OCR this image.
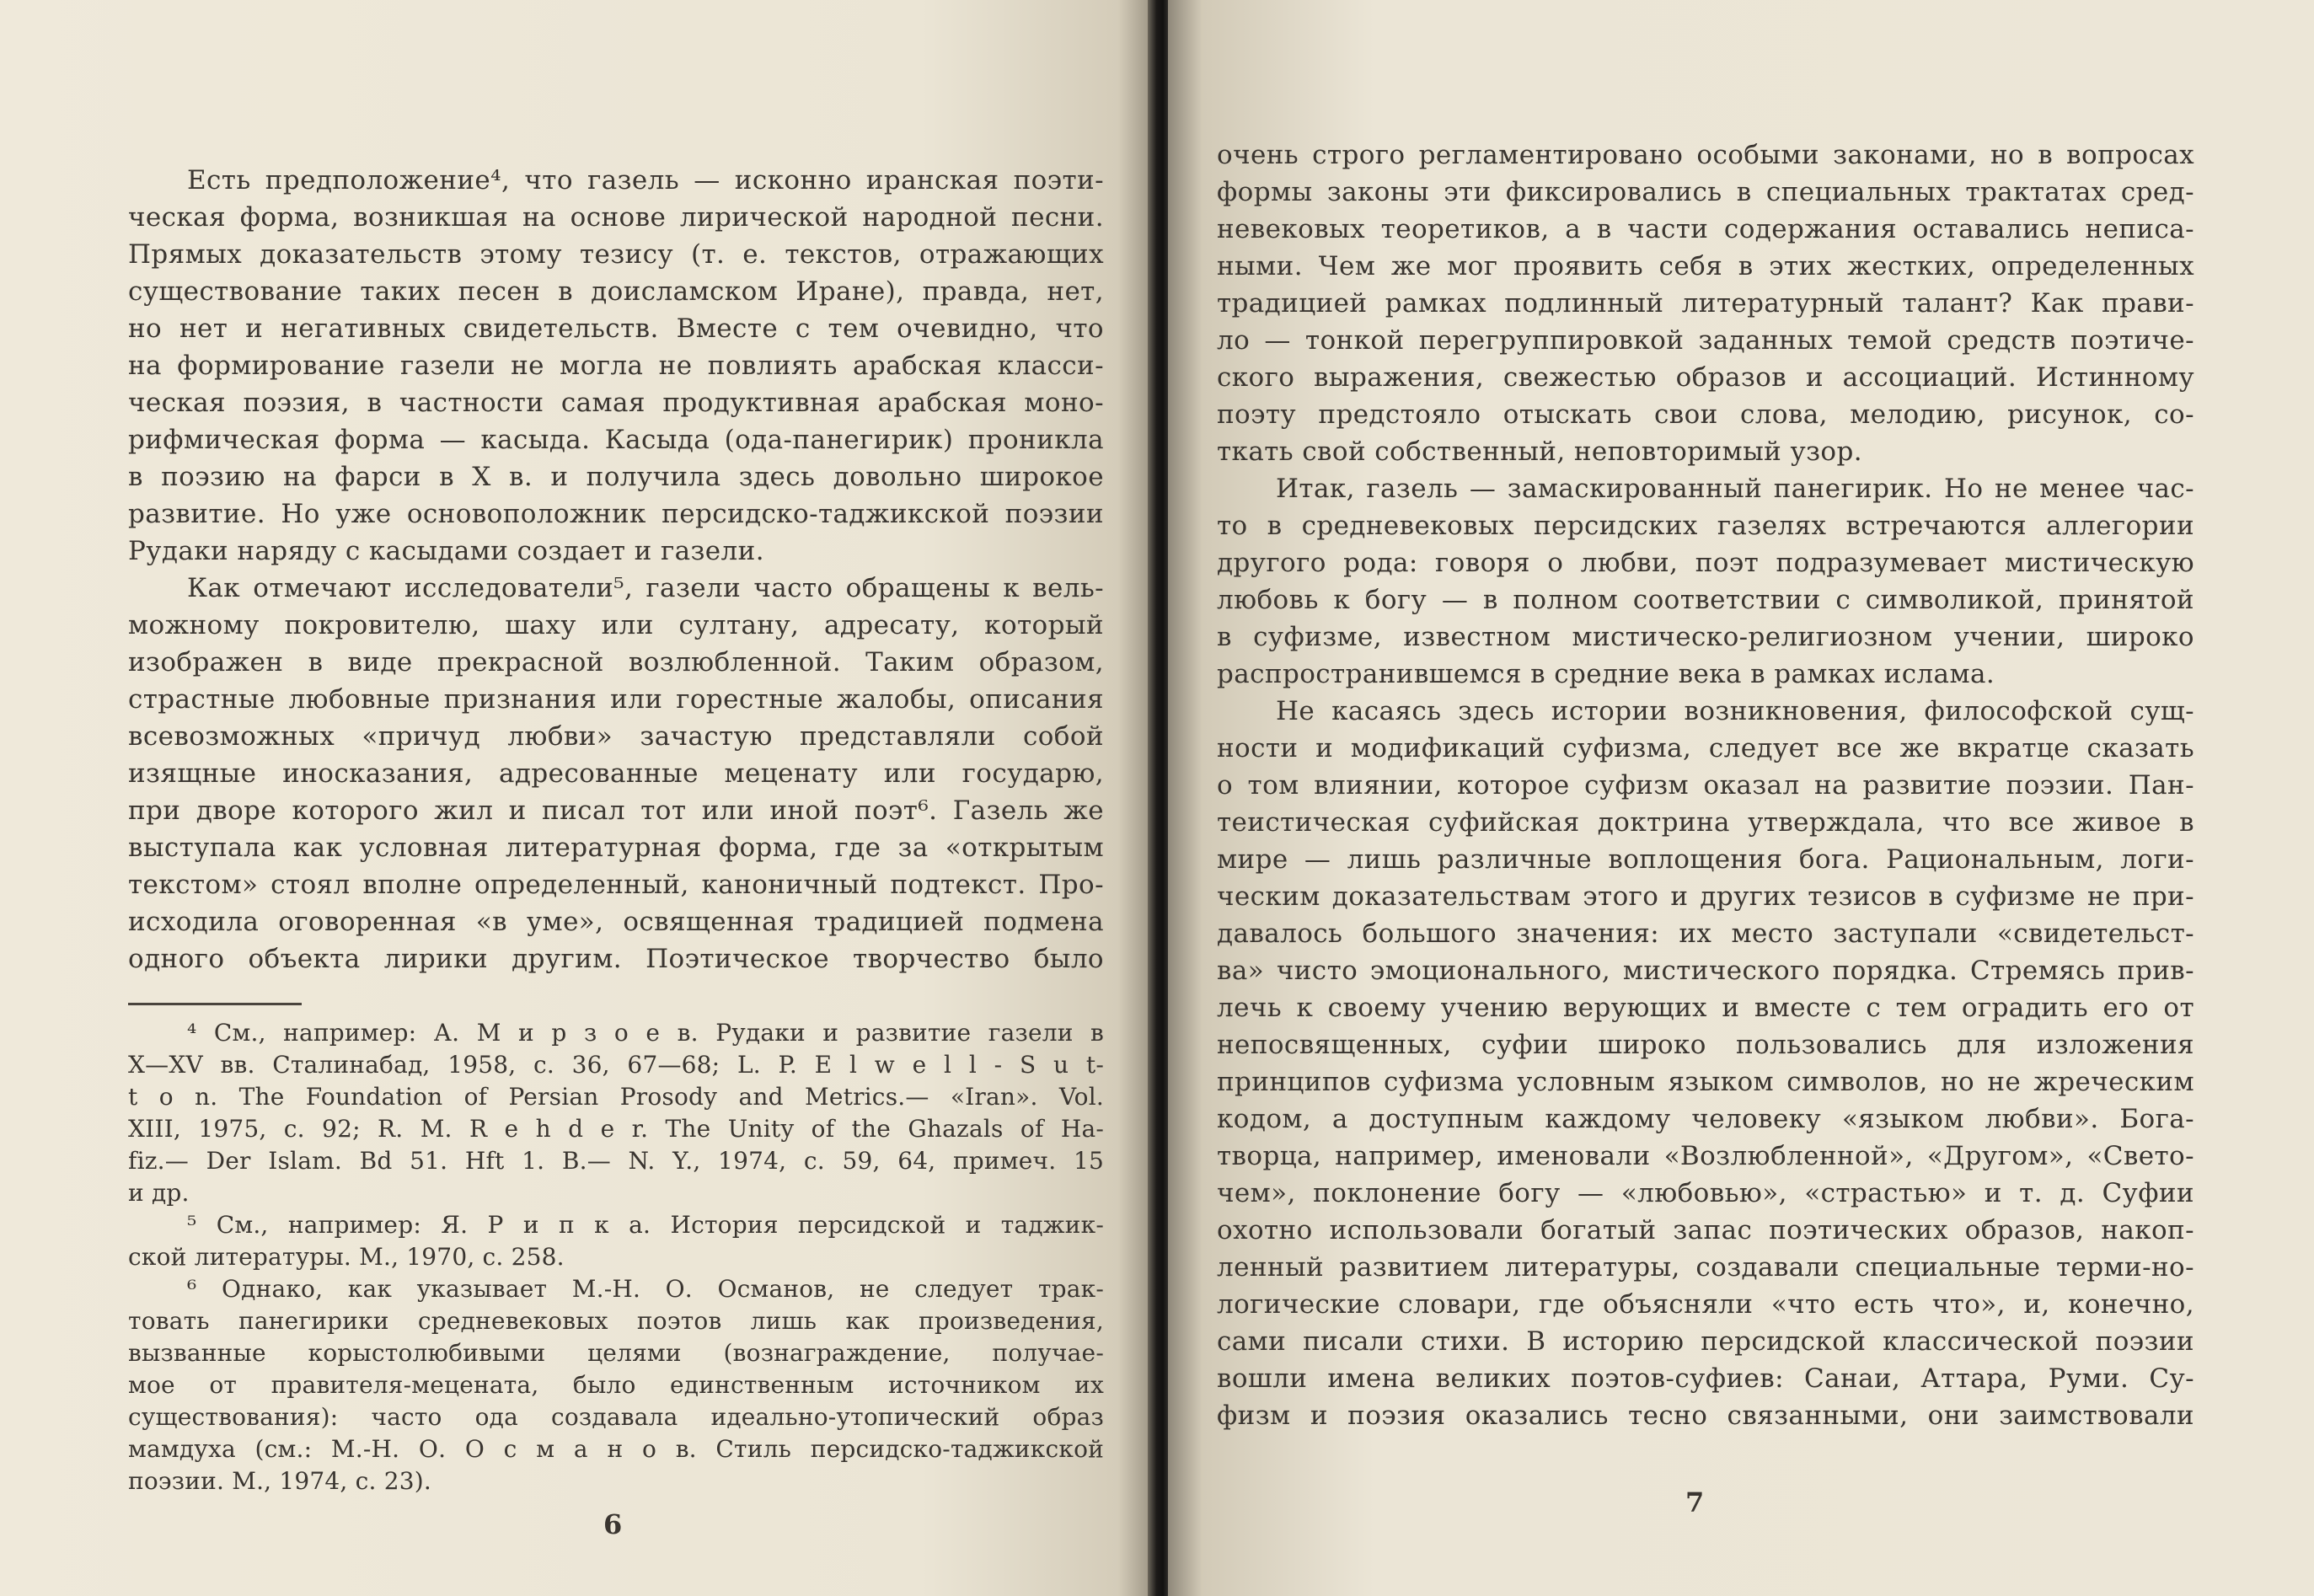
Есть предположение⁴, что газель — исконно иранская поэти-
ческая форма, возникшая на основе лирической народной песни.
Прямых доказательств этому тезису (т. е. текстов, отражающих
существование таких песен в доисламском Иране), правда, нет,
но нет и негативных свидетельств. Вместе с тем очевидно, что
на формирование газели не могла не повлиять арабская класси-
ческая поэзия, в частности самая продуктивная арабская моно-
рифмическая форма — касыда. Касыда (ода-панегирик) проникла
в поэзию на фарси в X в. и получила здесь довольно широкое
развитие. Но уже основоположник персидско-таджикской поэзии
Рудаки наряду с касыдами создает и газели.
Как отмечают исследователи⁵, газели часто обращены к вель-
можному покровителю, шаху или султану, адресату, который
изображен в виде прекрасной возлюбленной. Таким образом,
страстные любовные признания или горестные жалобы, описания
всевозможных «причуд любви» зачастую представляли собой
изящные иносказания, адресованные меценату или государю,
при дворе которого жил и писал тот или иной поэт⁶. Газель же
выступала как условная литературная форма, где за «открытым
текстом» стоял вполне определенный, каноничный подтекст. Про-
исходила оговоренная «в уме», освященная традицией подмена
одного объекта лирики другим. Поэтическое творчество было
⁴ См., например: А. М и р з о е в. Рудаки и развитие газели в
X—XV вв. Сталинабад, 1958, с. 36, 67—68; L. P. E l w e l l - S u t-
t o n. The Foundation of Persian Prosody and Metrics.— «Iran». Vol.
XIII, 1975, c. 92; R. M. R e h d e r. The Unity of the Ghazals of Ha-
fiz.— Der Islam. Bd 51. Hft 1. B.— N. Y., 1974, c. 59, 64, примеч. 15
и др.
⁵ См., например: Я. Р и п к а. История персидской и таджик-
ской литературы. М., 1970, с. 258.
⁶ Однако, как указывает М.-Н. О. Османов, не следует трак-
товать панегирики средневековых поэтов лишь как произведения,
вызванные корыстолюбивыми целями (вознаграждение, получае-
мое от правителя-мецената, было единственным источником их
существования): часто ода создавала идеально-утопический образ
мамдуха (см.: М.-Н. О. О с м а н о в. Стиль персидско-таджикской
поэзии. М., 1974, с. 23).
6
очень строго регламентировано особыми законами, но в вопросах
формы законы эти фиксировались в специальных трактатах сред-
невековых теоретиков, а в части содержания оставались неписа-
ными. Чем же мог проявить себя в этих жестких, определенных
традицией рамках подлинный литературный талант? Как прави-
ло — тонкой перегруппировкой заданных темой средств поэтиче-
ского выражения, свежестью образов и ассоциаций. Истинному
поэту предстояло отыскать свои слова, мелодию, рисунок, со-
ткать свой собственный, неповторимый узор.
Итак, газель — замаскированный панегирик. Но не менее час-
то в средневековых персидских газелях встречаются аллегории
другого рода: говоря о любви, поэт подразумевает мистическую
любовь к богу — в полном соответствии с символикой, принятой
в суфизме, известном мистическо-религиозном учении, широко
распространившемся в средние века в рамках ислама.
Не касаясь здесь истории возникновения, философской сущ-
ности и модификаций суфизма, следует все же вкратце сказать
о том влиянии, которое суфизм оказал на развитие поэзии. Пан-
теистическая суфийская доктрина утверждала, что все живое в
мире — лишь различные воплощения бога. Рациональным, логи-
ческим доказательствам этого и других тезисов в суфизме не при-
давалось большого значения: их место заступали «свидетельст-
ва» чисто эмоционального, мистического порядка. Стремясь прив-
лечь к своему учению верующих и вместе с тем оградить его от
непосвященных, суфии широко пользовались для изложения
принципов суфизма условным языком символов, но не жреческим
кодом, а доступным каждому человеку «языком любви». Бога-
творца, например, именовали «Возлюбленной», «Другом», «Свето-
чем», поклонение богу — «любовью», «страстью» и т. д. Суфии
охотно использовали богатый запас поэтических образов, накоп-
ленный развитием литературы, создавали специальные терми-но-
логические словари, где объясняли «что есть что», и, конечно,
сами писали стихи. В историю персидской классической поэзии
вошли имена великих поэтов-суфиев: Санаи, Аттара, Руми. Су-
физм и поэзия оказались тесно связанными, они заимствовали
7
